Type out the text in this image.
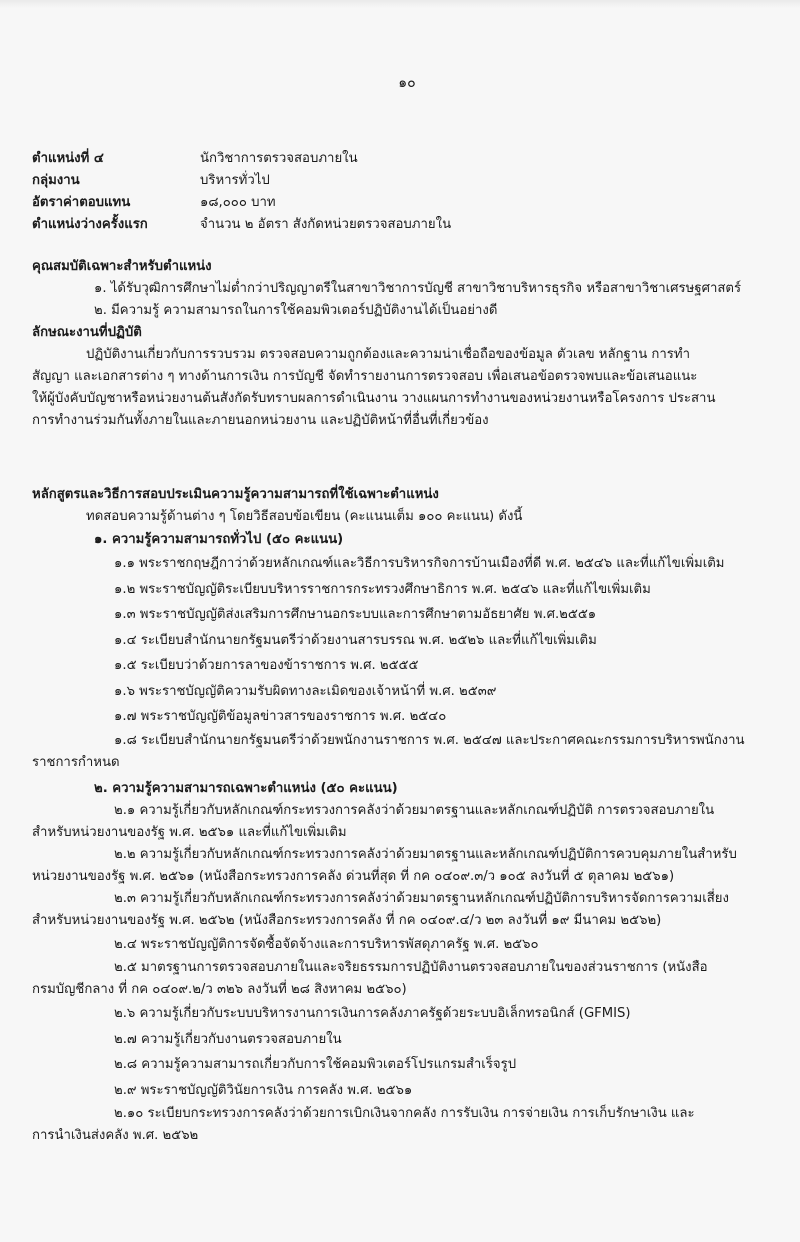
๑๐
ตำแหน่งที่ ๔	นักวิชาการตรวจสอบภายใน
กลุ่มงาน	บริหารทั่วไป
อัตราค่าตอบแทน	๑๘,๐๐๐ บาท
ตำแหน่งว่างครั้งแรก	จำนวน ๒ อัตรา สังกัดหน่วยตรวจสอบภายใน
คุณสมบัติเฉพาะสำหรับตำแหน่ง
๑. ได้รับวุฒิการศึกษาไม่ต่ำกว่าปริญญาตรีในสาขาวิชาการบัญชี สาขาวิชาบริหารธุรกิจ หรือสาขาวิชาเศรษฐศาสตร์
๒. มีความรู้ ความสามารถในการใช้คอมพิวเตอร์ปฏิบัติงานได้เป็นอย่างดี
ลักษณะงานที่ปฏิบัติ
ปฏิบัติงานเกี่ยวกับการรวบรวม ตรวจสอบความถูกต้องและความน่าเชื่อถือของข้อมูล ตัวเลข หลักฐาน การทำ
สัญญา และเอกสารต่าง ๆ ทางด้านการเงิน การบัญชี จัดทำรายงานการตรวจสอบ เพื่อเสนอข้อตรวจพบและข้อเสนอแนะ
ให้ผู้บังคับบัญชาหรือหน่วยงานต้นสังกัดรับทราบผลการดำเนินงาน วางแผนการทำงานของหน่วยงานหรือโครงการ ประสาน
การทำงานร่วมกันทั้งภายในและภายนอกหน่วยงาน และปฏิบัติหน้าที่อื่นที่เกี่ยวข้อง
หลักสูตรและวิธีการสอบประเมินความรู้ความสามารถที่ใช้เฉพาะตำแหน่ง
ทดสอบความรู้ด้านต่าง ๆ โดยวิธีสอบข้อเขียน (คะแนนเต็ม ๑๐๐ คะแนน) ดังนี้
๑. ความรู้ความสามารถทั่วไป (๕๐ คะแนน)
๑.๑ พระราชกฤษฎีกาว่าด้วยหลักเกณฑ์และวิธีการบริหารกิจการบ้านเมืองที่ดี พ.ศ. ๒๕๔๖ และที่แก้ไขเพิ่มเติม
๑.๒ พระราชบัญญัติระเบียบบริหารราชการกระทรวงศึกษาธิการ พ.ศ. ๒๕๔๖ และที่แก้ไขเพิ่มเติม
๑.๓ พระราชบัญญัติส่งเสริมการศึกษานอกระบบและการศึกษาตามอัธยาศัย พ.ศ.๒๕๕๑
๑.๔ ระเบียบสำนักนายกรัฐมนตรีว่าด้วยงานสารบรรณ พ.ศ. ๒๕๒๖ และที่แก้ไขเพิ่มเติม
๑.๕ ระเบียบว่าด้วยการลาของข้าราชการ พ.ศ. ๒๕๕๕
๑.๖ พระราชบัญญัติความรับผิดทางละเมิดของเจ้าหน้าที่ พ.ศ. ๒๕๓๙
๑.๗ พระราชบัญญัติข้อมูลข่าวสารของราชการ พ.ศ. ๒๕๔๐
๑.๘ ระเบียบสำนักนายกรัฐมนตรีว่าด้วยพนักงานราชการ พ.ศ. ๒๕๔๗ และประกาศคณะกรรมการบริหารพนักงาน
ราชการกำหนด
๒. ความรู้ความสามารถเฉพาะตำแหน่ง (๕๐ คะแนน)
๒.๑ ความรู้เกี่ยวกับหลักเกณฑ์กระทรวงการคลังว่าด้วยมาตรฐานและหลักเกณฑ์ปฏิบัติ การตรวจสอบภายใน
สำหรับหน่วยงานของรัฐ พ.ศ. ๒๕๖๑ และที่แก้ไขเพิ่มเติม
๒.๒ ความรู้เกี่ยวกับหลักเกณฑ์กระทรวงการคลังว่าด้วยมาตรฐานและหลักเกณฑ์ปฏิบัติการควบคุมภายในสำหรับ
หน่วยงานของรัฐ พ.ศ. ๒๕๖๑ (หนังสือกระทรวงการคลัง ด่วนที่สุด ที่ กค ๐๔๐๙.๓/ว ๑๐๕ ลงวันที่ ๕ ตุลาคม ๒๕๖๑)
๒.๓ ความรู้เกี่ยวกับหลักเกณฑ์กระทรวงการคลังว่าด้วยมาตรฐานหลักเกณฑ์ปฏิบัติการบริหารจัดการความเสี่ยง
สำหรับหน่วยงานของรัฐ พ.ศ. ๒๕๖๒ (หนังสือกระทรวงการคลัง ที่ กค ๐๔๐๙.๔/ว ๒๓ ลงวันที่ ๑๙ มีนาคม ๒๕๖๒)
๒.๔ พระราชบัญญัติการจัดซื้อจัดจ้างและการบริหารพัสดุภาครัฐ พ.ศ. ๒๕๖๐
๒.๕ มาตรฐานการตรวจสอบภายในและจริยธรรมการปฏิบัติงานตรวจสอบภายในของส่วนราชการ (หนังสือ
กรมบัญชีกลาง ที่ กค ๐๔๐๙.๒/ว ๓๒๖ ลงวันที่ ๒๘ สิงหาคม ๒๕๖๐)
๒.๖ ความรู้เกี่ยวกับระบบบริหารงานการเงินการคลังภาครัฐด้วยระบบอิเล็กทรอนิกส์ (GFMIS)
๒.๗ ความรู้เกี่ยวกับงานตรวจสอบภายใน
๒.๘ ความรู้ความสามารถเกี่ยวกับการใช้คอมพิวเตอร์โปรแกรมสำเร็จรูป
๒.๙ พระราชบัญญัติวินัยการเงิน การคลัง พ.ศ. ๒๕๖๑
๒.๑๐ ระเบียบกระทรวงการคลังว่าด้วยการเบิกเงินจากคลัง การรับเงิน การจ่ายเงิน การเก็บรักษาเงิน และ
การนำเงินส่งคลัง พ.ศ. ๒๕๖๒
